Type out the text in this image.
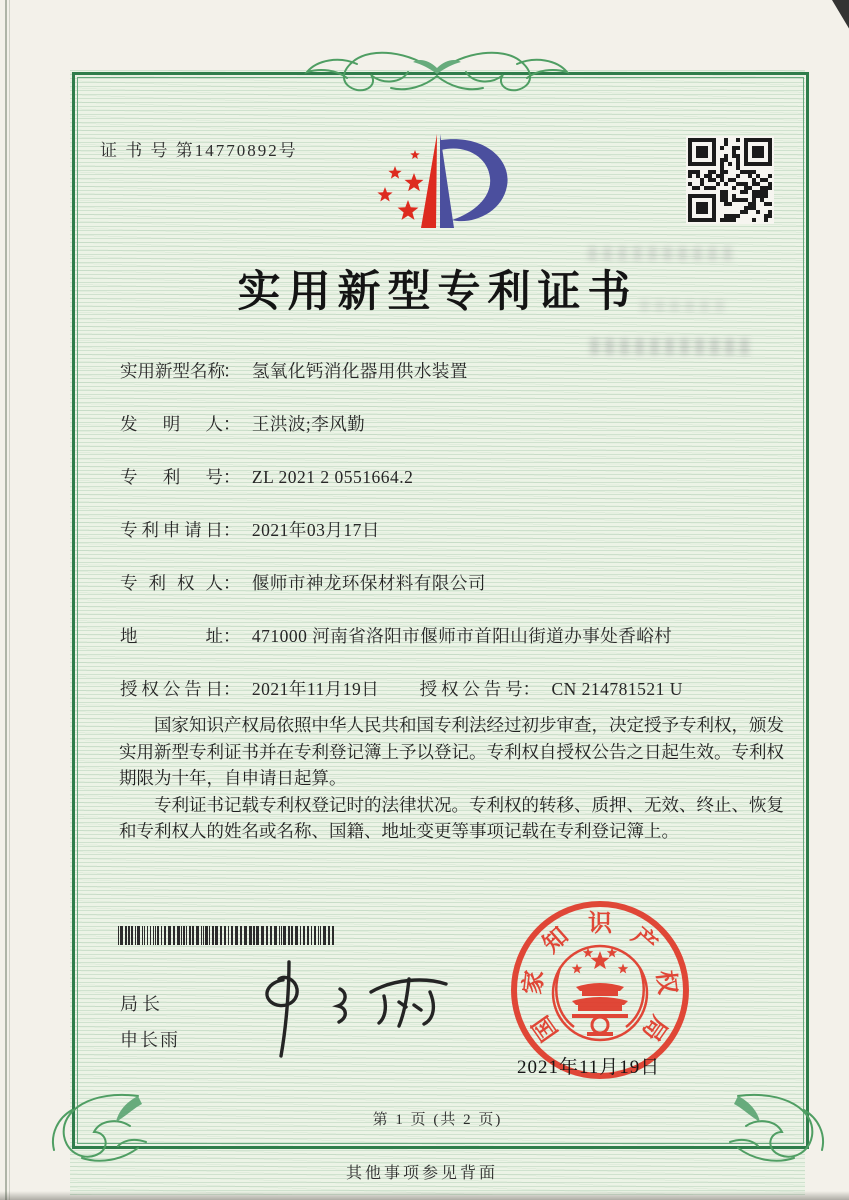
证 书 号 第14770892号
实用新型专利证书
实用新型名称： 氢氧化钙消化器用供水装置
发明人： 王洪波;李风勤
专利号： ZL 2021 2 0551664.2
专利申请日： 2021年03月17日
专利权人： 偃师市神龙环保材料有限公司
地址： 471000 河南省洛阳市偃师市首阳山街道办事处香峪村
授权公告日： 2021年11月19日 授权公告号： CN 214781521 U

国家知识产权局依照中华人民共和国专利法经过初步审查，决定授予专利权，颁发实用新型专利证书并在专利登记簿上予以登记。专利权自授权公告之日起生效。专利权期限为十年，自申请日起算。

专利证书记载专利权登记时的法律状况。专利权的转移、质押、无效、终止、恢复和专利权人的姓名或名称、国籍、地址变更等事项记载在专利登记簿上。

局长
申长雨	国
家
知 识 产
权
局
2021年11月19日
第 1 页 (共 2 页)
其他事项参见背面
